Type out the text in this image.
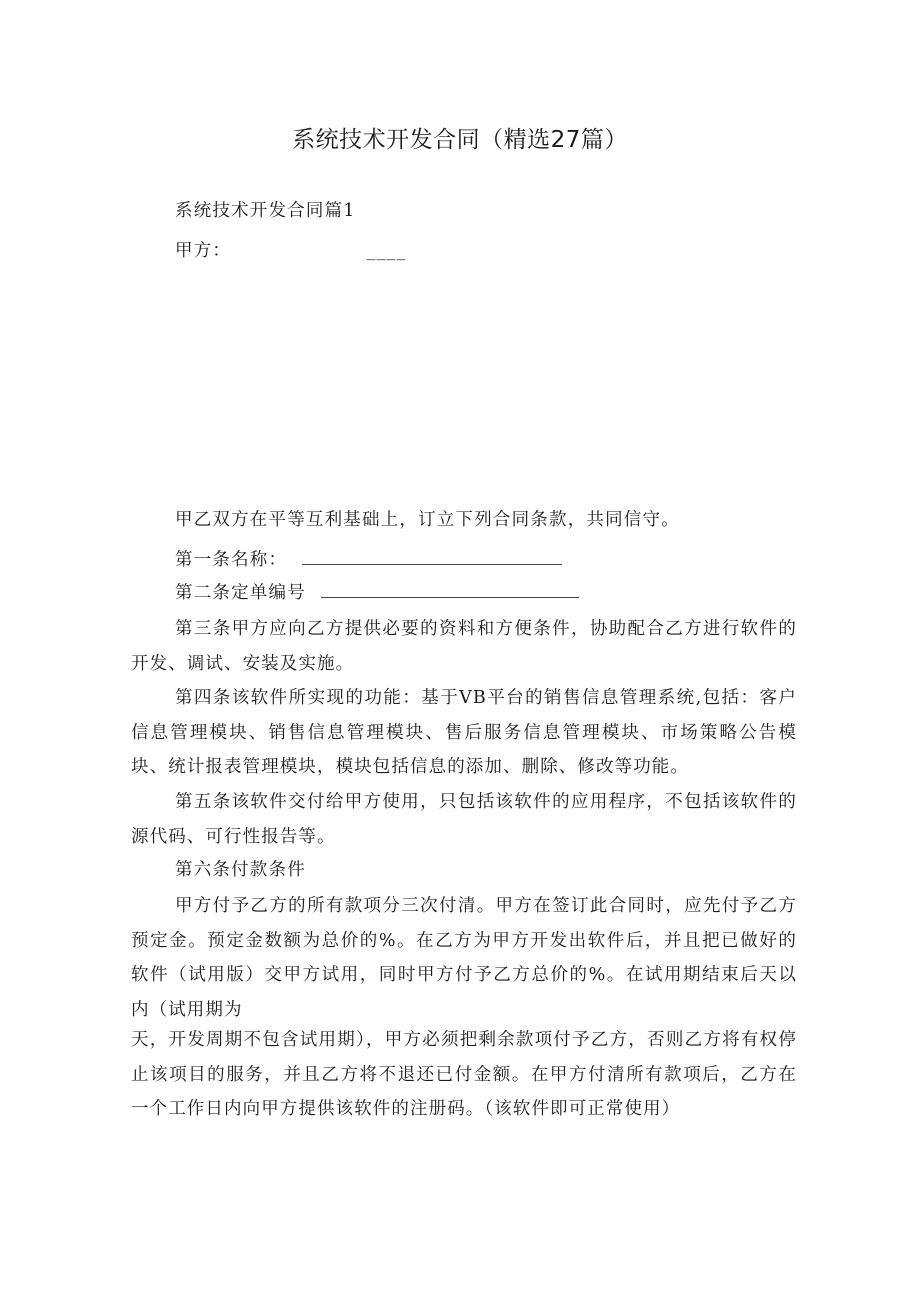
系统技术开发合同（精选27篇）
系统技术开发合同篇1
甲方：	____
甲乙双方在平等互利基础上，订立下列合同条款，共同信守。
第一条名称：
第二条定单编号
第三条甲方应向乙方提供必要的资料和方便条件，协助配合乙方进行软件的开发、调试、安装及实施。
第四条该软件所实现的功能：基于VB平台的销售信息管理系统,包括：客户信息管理模块、销售信息管理模块、售后服务信息管理模块、市场策略公告模块、统计报表管理模块，模块包括信息的添加、删除、修改等功能。
第五条该软件交付给甲方使用，只包括该软件的应用程序，不包括该软件的源代码、可行性报告等。
第六条付款条件
甲方付予乙方的所有款项分三次付清。甲方在签订此合同时，应先付予乙方预定金。预定金数额为总价的%。在乙方为甲方开发出软件后，并且把已做好的软件（试用版）交甲方试用，同时甲方付予乙方总价的%。在试用期结束后天以内（试用期为
天，开发周期不包含试用期），甲方必须把剩余款项付予乙方，否则乙方将有权停止该项目的服务，并且乙方将不退还已付金额。在甲方付清所有款项后，乙方在一个工作日内向甲方提供该软件的注册码。（该软件即可正常使用）
